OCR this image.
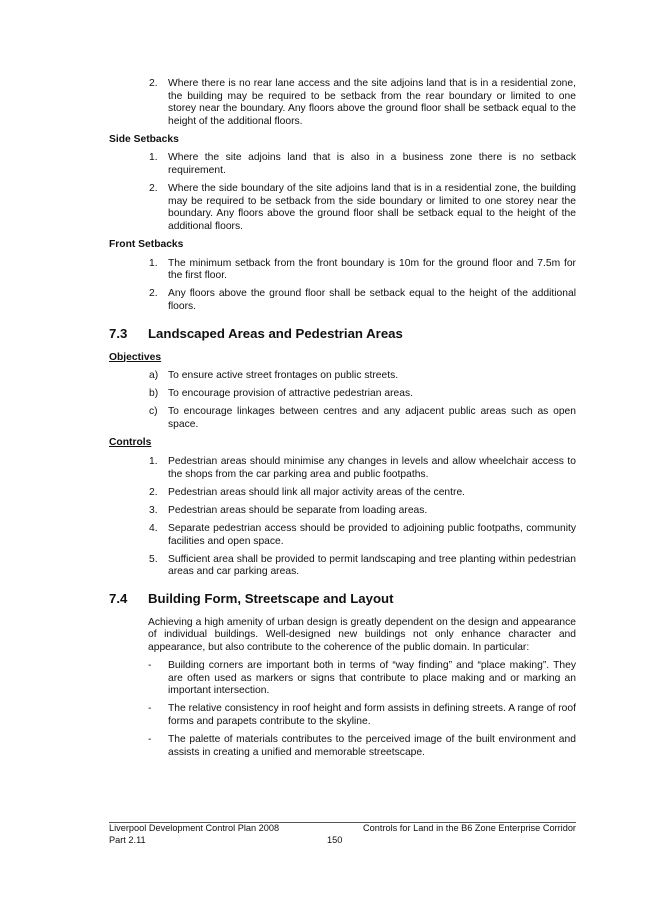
2. Where there is no rear lane access and the site adjoins land that is in a residential zone, the building may be required to be setback from the rear boundary or limited to one storey near the boundary. Any floors above the ground floor shall be setback equal to the height of the additional floors.

Side Setbacks
1. Where the site adjoins land that is also in a business zone there is no setback requirement.

2. Where the side boundary of the site adjoins land that is in a residential zone, the building may be required to be setback from the side boundary or limited to one storey near the boundary. Any floors above the ground floor shall be setback equal to the height of the additional floors.

Front Setbacks
1. The minimum setback from the front boundary is 10m for the ground floor and 7.5m for the first floor.

2. Any floors above the ground floor shall be setback equal to the height of the additional floors.

7.3 Landscaped Areas and Pedestrian Areas
Objectives
a) To ensure active street frontages on public streets.

b) To encourage provision of attractive pedestrian areas.

c) To encourage linkages between centres and any adjacent public areas such as open space.

Controls
1. Pedestrian areas should minimise any changes in levels and allow wheelchair access to the shops from the car parking area and public footpaths.

2. Pedestrian areas should link all major activity areas of the centre.

3. Pedestrian areas should be separate from loading areas.

4. Separate pedestrian access should be provided to adjoining public footpaths, community facilities and open space.

5. Sufficient area shall be provided to permit landscaping and tree planting within pedestrian areas and car parking areas.

7.4 Building Form, Streetscape and Layout

Achieving a high amenity of urban design is greatly dependent on the design and appearance of individual buildings. Well-designed new buildings not only enhance character and appearance, but also contribute to the coherence of the public domain. In particular:

- Building corners are important both in terms of “way finding” and “place making”. They are often used as markers or signs that contribute to place making and or marking an important intersection.

- The relative consistency in roof height and form assists in defining streets. A range of roof forms and parapets contribute to the skyline.

- The palette of materials contributes to the perceived image of the built environment and assists in creating a unified and memorable streetscape.

Liverpool Development Control Plan 2008	Controls for Land in the B6 Zone Enterprise Corridor
Part 2.11	150
